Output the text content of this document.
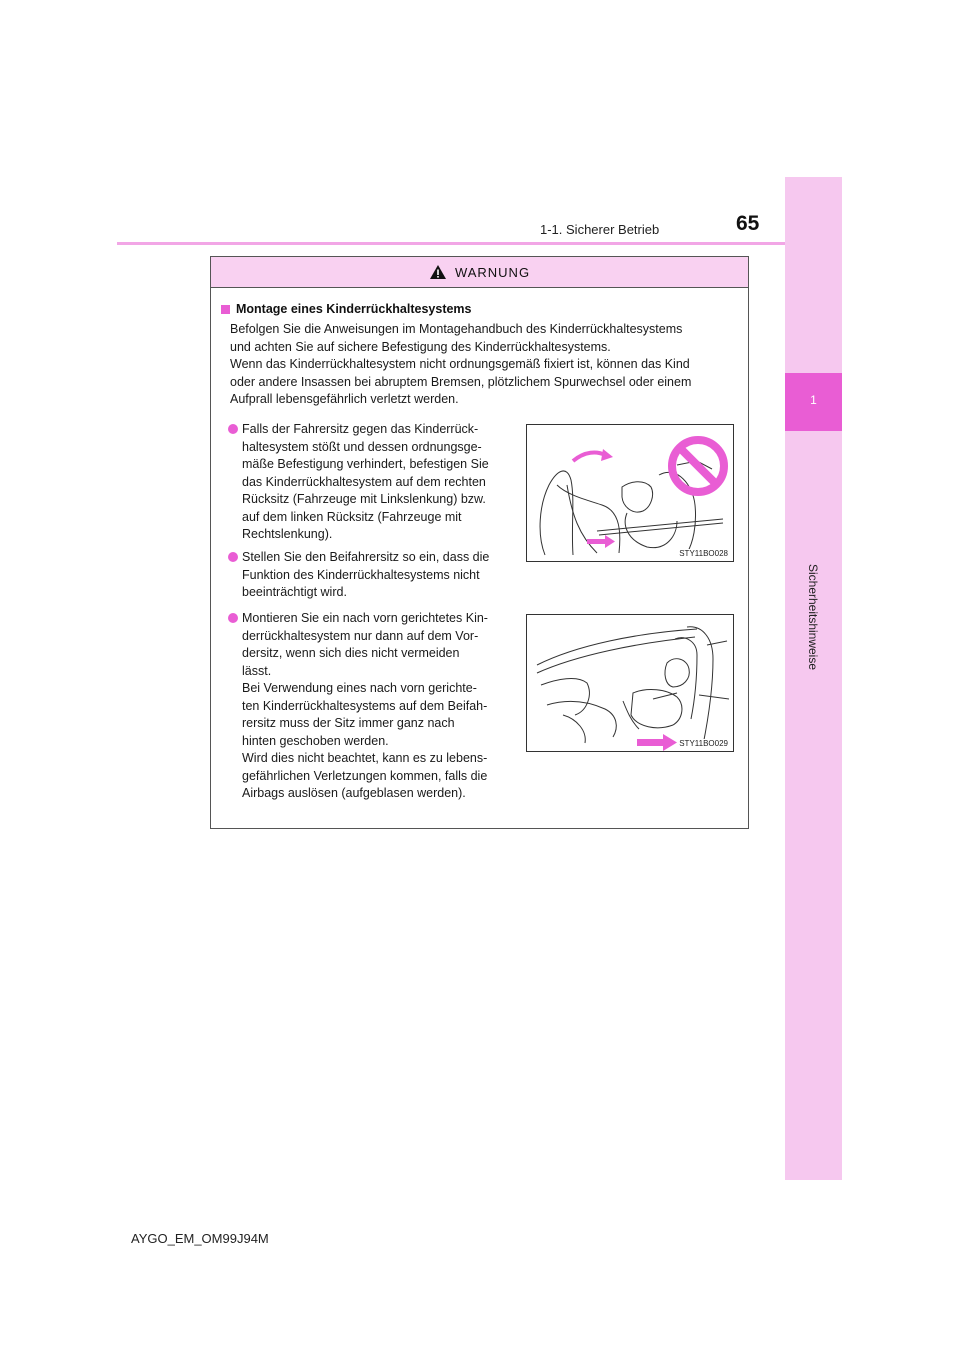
1
Sicherheitshinweise
1-1. Sicherer Betrieb	65
WARNUNG
Montage eines Kinderrückhaltesystems
Befolgen Sie die Anweisungen im Montagehandbuch des Kinderrückhaltesystems
und achten Sie auf sichere Befestigung des Kinderrückhaltesystems.
Wenn das Kinderrückhaltesystem nicht ordnungsgemäß fixiert ist, können das Kind
oder andere Insassen bei abruptem Bremsen, plötzlichem Spurwechsel oder einem
Aufprall lebensgefährlich verletzt werden.
Falls der Fahrersitz gegen das Kinderrück-
haltesystem stößt und dessen ordnungsge-
mäße Befestigung verhindert, befestigen Sie
das Kinderrückhaltesystem auf dem rechten
Rücksitz (Fahrzeuge mit Linkslenkung) bzw.
auf dem linken Rücksitz (Fahrzeuge mit
Rechtslenkung).
Stellen Sie den Beifahrersitz so ein, dass die
Funktion des Kinderrückhaltesystems nicht
beeinträchtigt wird.
Montieren Sie ein nach vorn gerichtetes Kin-
derrückhaltesystem nur dann auf dem Vor-
dersitz, wenn sich dies nicht vermeiden
lässt.
Bei Verwendung eines nach vorn gerichte-
ten Kinderrückhaltesystems auf dem Beifah-
rersitz muss der Sitz immer ganz nach
hinten geschoben werden.
Wird dies nicht beachtet, kann es zu lebens-
gefährlichen Verletzungen kommen, falls die
Airbags auslösen (aufgeblasen werden).
STY11BO028
STY11BO029
AYGO_EM_OM99J94M
